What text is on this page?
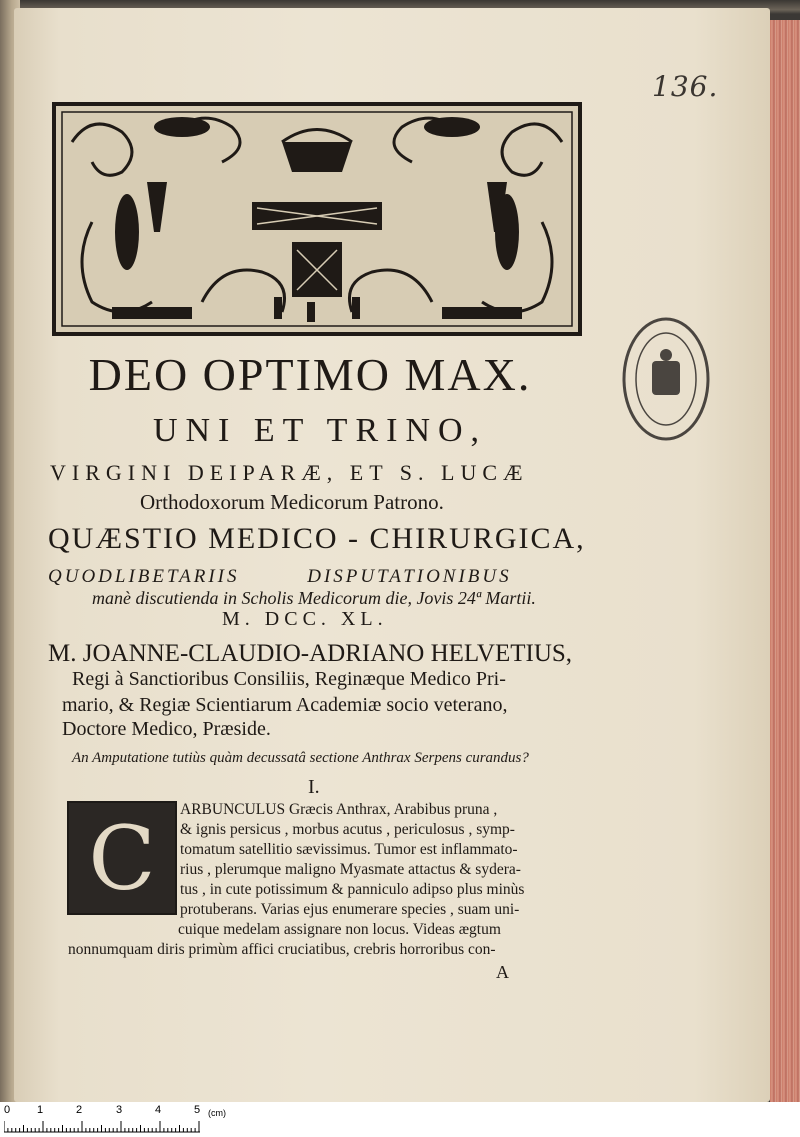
136.
DEO OPTIMO MAX.
UNI ET TRINO,
VIRGINI DEIPARÆ, ET S. LUCÆ
Orthodoxorum Medicorum Patrono.
QUÆSTIO MEDICO - CHIRURGICA,
QUODLIBETARIIS DISPUTATIONIBUS
manè discutienda in Scholis Medicorum die, Jovis 24ª Martii.
M. DCC. XL.
M. JOANNE-CLAUDIO-ADRIANO HELVETIUS,
Regi à Sanctioribus Consiliis, Reginæque Medico Pri-
mario, & Regiæ Scientiarum Academiæ socio veterano,
Doctore Medico, Præside.
An Amputatione tutiùs quàm decussatâ sectione Anthrax Serpens curandus?
I.
C	ARBUNCULUS Græcis Anthrax, Arabibus pruna ,
& ignis persicus , morbus acutus , periculosus , symp-
tomatum satellitio sævissimus. Tumor est inflammato-
rius , plerumque maligno Myasmate attactus & sydera-
tus , in cute potissimum & panniculo adipso plus minùs
protuberans. Varias ejus enumerare species , suam uni-
cuique medelam assignare non locus. Videas ægtum
nonnumquam diris primùm affici cruciatibus, crebris horroribus con-
A
0 1	2	3	4	5 (cm)
